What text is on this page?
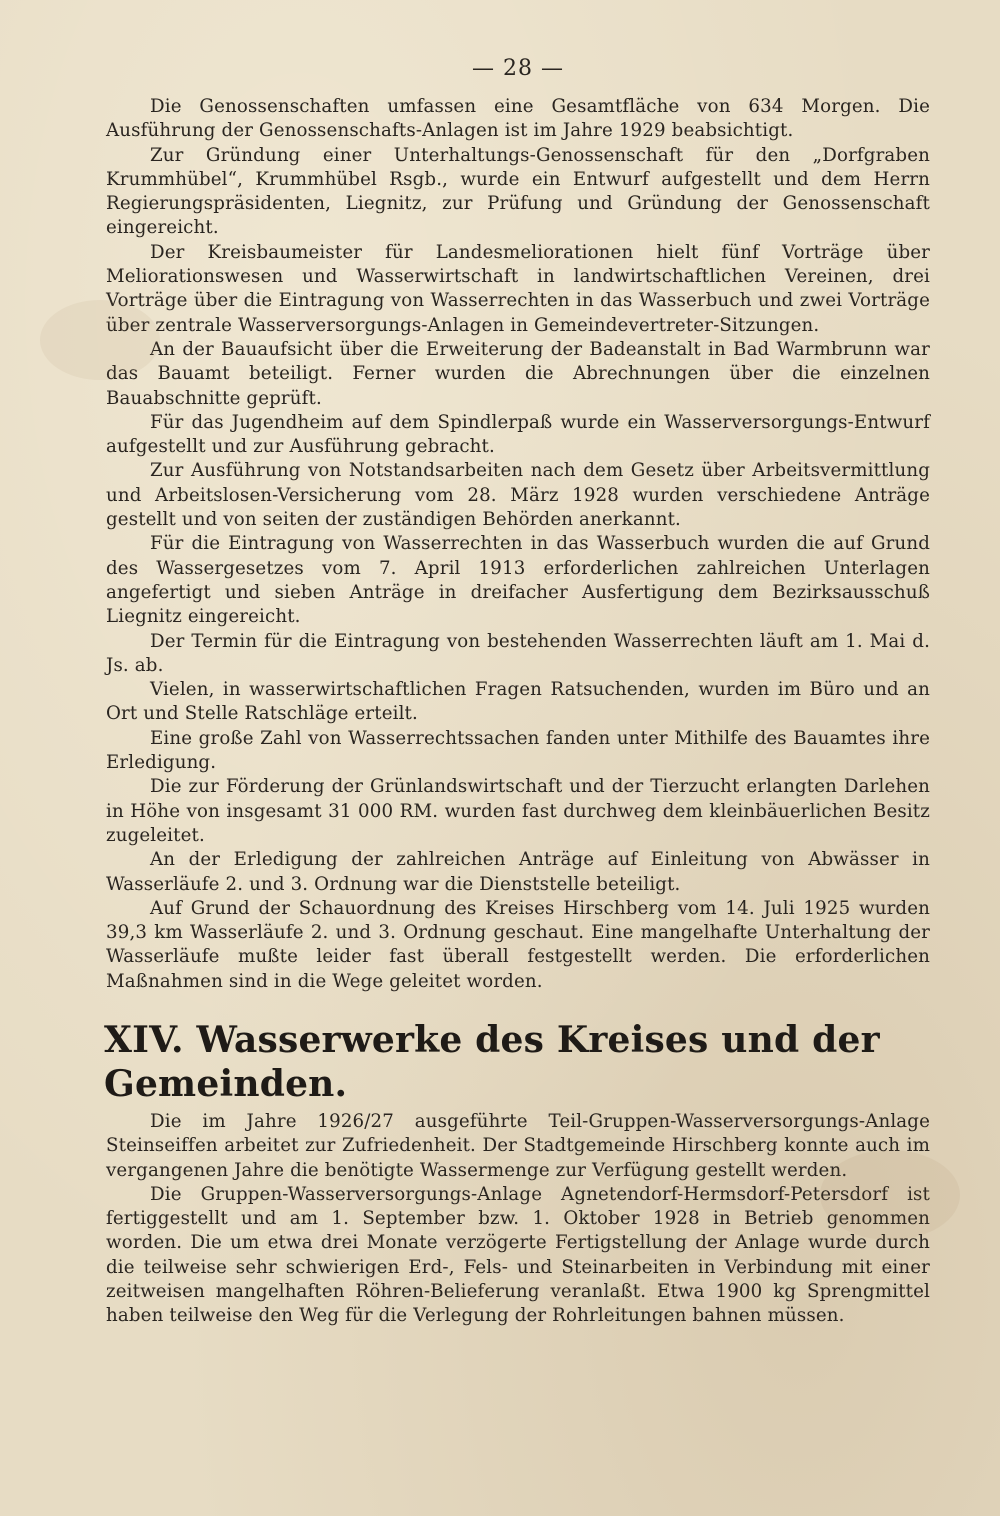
— 28 —

Die Genossenschaften umfassen eine Gesamtfläche von 634 Morgen. Die Ausführung der Genossenschafts-Anlagen ist im Jahre 1929 beabsichtigt.

Zur Gründung einer Unterhaltungs-Genossenschaft für den „Dorfgraben Krummhübel“, Krummhübel Rsgb., wurde ein Entwurf aufgestellt und dem Herrn Regierungspräsidenten, Liegnitz, zur Prüfung und Gründung der Genossenschaft eingereicht.

Der Kreisbaumeister für Landesmeliorationen hielt fünf Vorträge über Meliorationswesen und Wasserwirtschaft in landwirtschaftlichen Vereinen, drei Vorträge über die Eintragung von Wasserrechten in das Wasserbuch und zwei Vorträge über zentrale Wasserversorgungs-Anlagen in Gemeindevertreter-Sitzungen.

An der Bauaufsicht über die Erweiterung der Badeanstalt in Bad Warmbrunn war das Bauamt beteiligt. Ferner wurden die Abrechnungen über die einzelnen Bauabschnitte geprüft.

Für das Jugendheim auf dem Spindlerpaß wurde ein Wasserversorgungs-Entwurf aufgestellt und zur Ausführung gebracht.

Zur Ausführung von Notstandsarbeiten nach dem Gesetz über Arbeitsvermittlung und Arbeitslosen-Versicherung vom 28. März 1928 wurden verschiedene Anträge gestellt und von seiten der zuständigen Behörden anerkannt.

Für die Eintragung von Wasserrechten in das Wasserbuch wurden die auf Grund des Wassergesetzes vom 7. April 1913 erforderlichen zahlreichen Unterlagen angefertigt und sieben Anträge in dreifacher Ausfertigung dem Bezirksausschuß Liegnitz eingereicht.

Der Termin für die Eintragung von bestehenden Wasserrechten läuft am 1. Mai d. Js. ab.

Vielen, in wasserwirtschaftlichen Fragen Ratsuchenden, wurden im Büro und an Ort und Stelle Ratschläge erteilt.

Eine große Zahl von Wasserrechtssachen fanden unter Mithilfe des Bauamtes ihre Erledigung.

Die zur Förderung der Grünlandswirtschaft und der Tierzucht erlangten Darlehen in Höhe von insgesamt 31 000 RM. wurden fast durchweg dem kleinbäuerlichen Besitz zugeleitet.

An der Erledigung der zahlreichen Anträge auf Einleitung von Abwässer in Wasserläufe 2. und 3. Ordnung war die Dienststelle beteiligt.

Auf Grund der Schauordnung des Kreises Hirschberg vom 14. Juli 1925 wurden 39,3 km Wasserläufe 2. und 3. Ordnung geschaut. Eine mangelhafte Unterhaltung der Wasserläufe mußte leider fast überall festgestellt werden. Die erforderlichen Maßnahmen sind in die Wege geleitet worden.

XIV. Wasserwerke des Kreises und der Gemeinden.

Die im Jahre 1926/27 ausgeführte Teil-Gruppen-Wasserversorgungs-Anlage Steinseiffen arbeitet zur Zufriedenheit. Der Stadtgemeinde Hirschberg konnte auch im vergangenen Jahre die benötigte Wassermenge zur Verfügung gestellt werden.

Die Gruppen-Wasserversorgungs-Anlage Agnetendorf-Hermsdorf-Petersdorf ist fertiggestellt und am 1. September bzw. 1. Oktober 1928 in Betrieb genommen worden. Die um etwa drei Monate verzögerte Fertigstellung der Anlage wurde durch die teilweise sehr schwierigen Erd-, Fels- und Steinarbeiten in Verbindung mit einer zeitweisen mangelhaften Röhren-Belieferung veranlaßt. Etwa 1900 kg Sprengmittel haben teilweise den Weg für die Verlegung der Rohrleitungen bahnen müssen.
